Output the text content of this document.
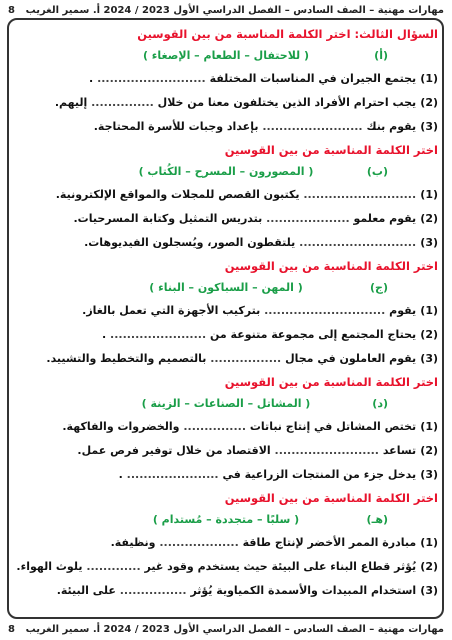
مهارات مهنية – الصف السادس – الفصل الدراسي الأول 2023 / 2024 أ. سمير الغريب
8
السؤال الثالث: اختر الكلمة المناسبة من بين القوسين
(أ)
( للاحتفال – الطعام – الإصغاء )
(1) يجتمع الجيران في المناسبات المختلفة .......................... .
(2) يجب احترام الأفراد الذين يختلفون معنا من خلال ............... إليهم.
(3) يقوم بنك ........................ بإعداد وجبات للأسرة المحتاجة.
اختر الكلمة المناسبة من بين القوسين
(ب)
( المصورون – المسرح – الكُتاب )
(1) ........................... يكتبون القصص للمجلات والمواقع الإلكترونية.
(2) يقوم معلمو .................... بتدريس التمثيل وكتابة المسرحيات.
(3) ............................ يلتقطون الصور، ويُسجلون الفيديوهات.
اختر الكلمة المناسبة من بين القوسين
(ج)
( المهن – السباكون – البناء )
(1) يقوم ............................. بتركيب الأجهزة التي تعمل بالغاز.
(2) يحتاج المجتمع إلى مجموعة متنوعة من ....................... .
(3) يقوم العاملون في مجال ................. بالتصميم والتخطيط والتشييد.
اختر الكلمة المناسبة من بين القوسين
(د)
( المشاتل – الصناعات – الزينة )
(1) تختص المشاتل في إنتاج نباتات ............... والخضروات والفاكهة.
(2) تساعد ......................... الاقتصاد من خلال توفير فرص عمل.
(3) يدخل جزء من المنتجات الزراعية في ...................... .
اختر الكلمة المناسبة من بين القوسين
(هـ)
( سلبًا – متجددة – مُستدام )
(1) مبادرة الممر الأخضر لإنتاج طاقة ................... ونظيفة.
(2) يُؤثر قطاع البناء على البيئة حيث يستخدم وقود غير ............. يلوث الهواء.
(3) استخدام المبيدات والأسمدة الكمياوية يُؤثر ................ على البيئة.
مهارات مهنية – الصف السادس – الفصل الدراسي الأول 2023 / 2024 أ. سمير الغريب
8
